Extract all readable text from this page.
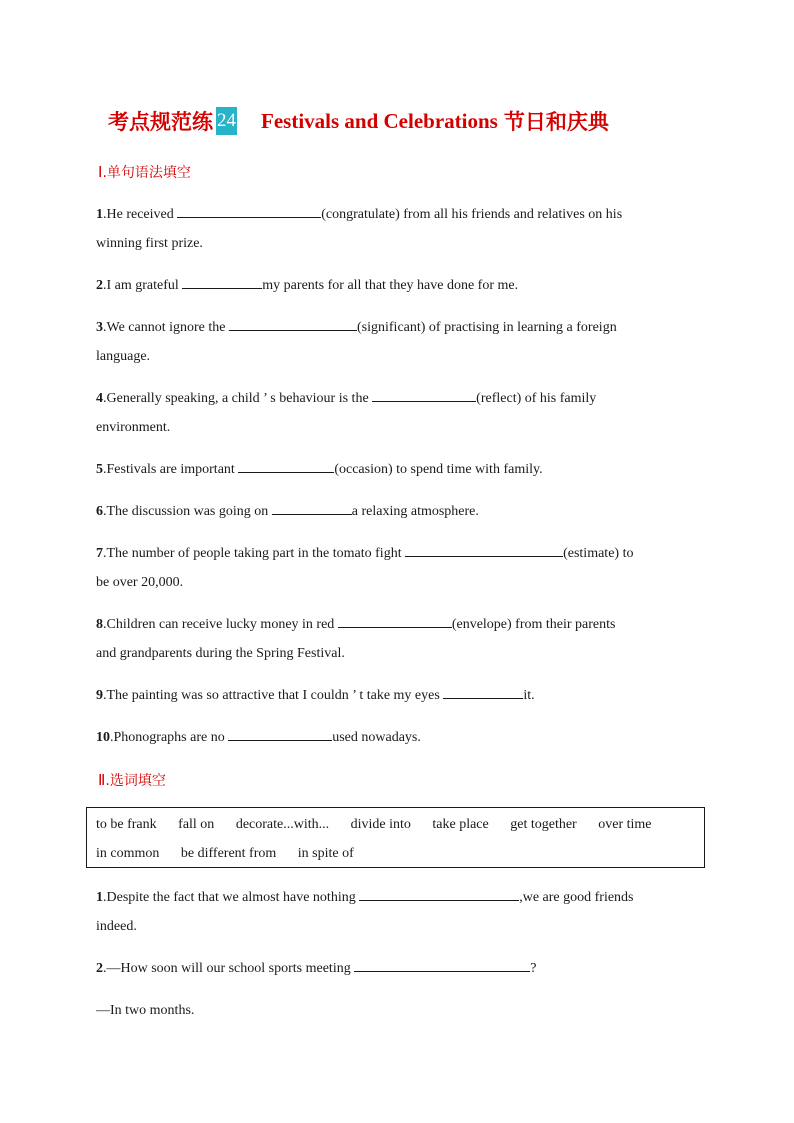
考点规范练 24 Festivals and Celebrations 节日和庆典
Ⅰ.单句语法填空
1.He received	(congratulate) from all his friends and relatives on his
winning first prize.
2.I am grateful	my parents for all that they have done for me.
3.We cannot ignore the	(significant) of practising in learning a foreign
language.
4.Generally speaking, a child ’ s behaviour is the	(reflect) of his family
environment.
5.Festivals are important	(occasion) to spend time with family.
6.The discussion was going on	a relaxing atmosphere.
7.The number of people taking part in the tomato fight	(estimate) to
be over 20,000.
8.Children can receive lucky money in red	(envelope) from their parents
and grandparents during the Spring Festival.
9.The painting was so attractive that I couldn ’ t take my eyes	it.
10.Phonographs are no	used nowadays.
Ⅱ.选词填空
to be frank fall on decorate...with... divide into take place get together over time
in common be different from in spite of
1.Despite the fact that we almost have nothing	,we are good friends
indeed.
2.—How soon will our school sports meeting	?
—In two months.
